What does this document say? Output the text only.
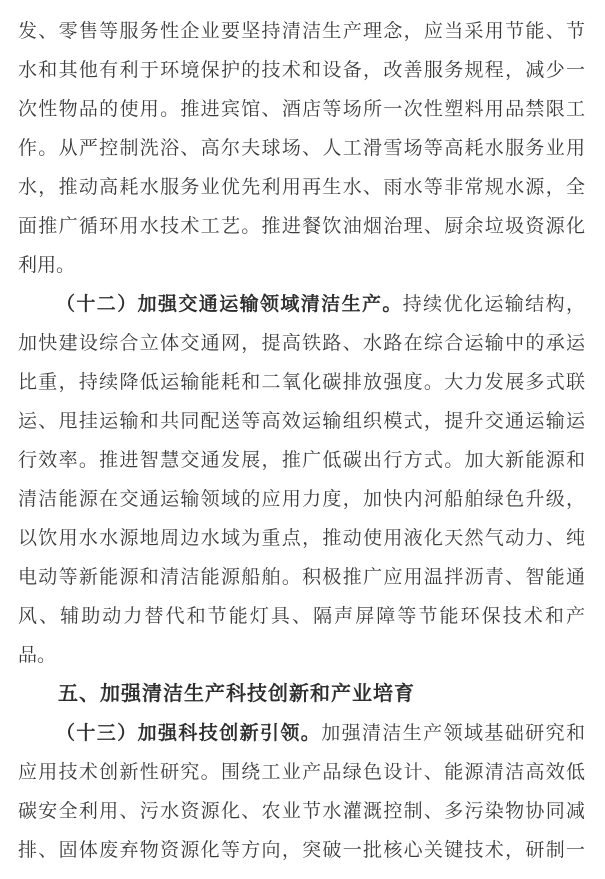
发、零售等服务性企业要坚持清洁生产理念，应当采用节能、节
水和其他有利于环境保护的技术和设备，改善服务规程，减少一
次性物品的使用。推进宾馆、酒店等场所一次性塑料用品禁限工
作。从严控制洗浴、高尔夫球场、人工滑雪场等高耗水服务业用
水，推动高耗水服务业优先利用再生水、雨水等非常规水源，全
面推广循环用水技术工艺。推进餐饮油烟治理、厨余垃圾资源化
利用。
（十二）加强交通运输领域清洁生产。持续优化运输结构，
加快建设综合立体交通网，提高铁路、水路在综合运输中的承运
比重，持续降低运输能耗和二氧化碳排放强度。大力发展多式联
运、甩挂运输和共同配送等高效运输组织模式，提升交通运输运
行效率。推进智慧交通发展，推广低碳出行方式。加大新能源和
清洁能源在交通运输领域的应用力度，加快内河船舶绿色升级，
以饮用水水源地周边水域为重点，推动使用液化天然气动力、纯
电动等新能源和清洁能源船舶。积极推广应用温拌沥青、智能通
风、辅助动力替代和节能灯具、隔声屏障等节能环保技术和产
品。
五、加强清洁生产科技创新和产业培育
（十三）加强科技创新引领。加强清洁生产领域基础研究和
应用技术创新性研究。围绕工业产品绿色设计、能源清洁高效低
碳安全利用、污水资源化、农业节水灌溉控制、多污染物协同减
排、固体废弃物资源化等方向，突破一批核心关键技术，研制一
